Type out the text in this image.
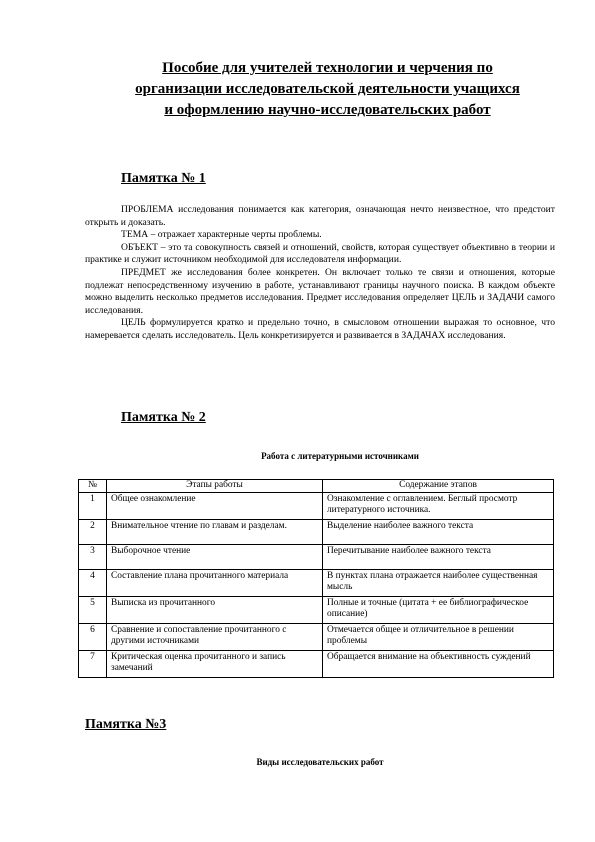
Пособие для учителей технологии и черчения по
организации исследовательской деятельности учащихся
и оформлению научно-исследовательских работ
Памятка № 1

ПРОБЛЕМА исследования понимается как категория, означающая нечто неизвестное, что предстоит открыть и доказать.

ТЕМА – отражает характерные черты проблемы.

ОБЪЕКТ – это та совокупность связей и отношений, свойств, которая существует объективно в теории и практике и служит источником необходимой для исследователя информации.

ПРЕДМЕТ же исследования более конкретен. Он включает только те связи и отношения, которые подлежат непосредственному изучению в работе, устанавливают границы научного поиска. В каждом объекте можно выделить несколько предметов исследования. Предмет исследования определяет ЦЕЛЬ и ЗАДАЧИ самого исследования.

ЦЕЛЬ формулируется кратко и предельно точно, в смысловом отношении выражая то основное, что намеревается сделать исследователь. Цель конкретизируется и развивается в ЗАДАЧАХ исследования.

Памятка № 2
Работа с литературными источниками
№	Этапы работы	Содержание этапов
1	Общее ознакомление	Ознакомление с оглавлением. Беглый просмотр литературного источника.
2	Внимательное чтение по главам и разделам.	Выделение наиболее важного текста
3	Выборочное чтение	Перечитывание наиболее важного текста
4	Составление плана прочитанного материала	В пунктах плана отражается наиболее существенная мысль
5	Выписка из прочитанного	Полные и точные (цитата + ее библиографическое описание)
6	Сравнение и сопоставление прочитанного с другими источниками	Отмечается общее и отличительное в решении проблемы
7	Критическая оценка прочитанного и запись замечаний	Обращается внимание на объективность суждений
Памятка №3
Виды исследовательских работ
